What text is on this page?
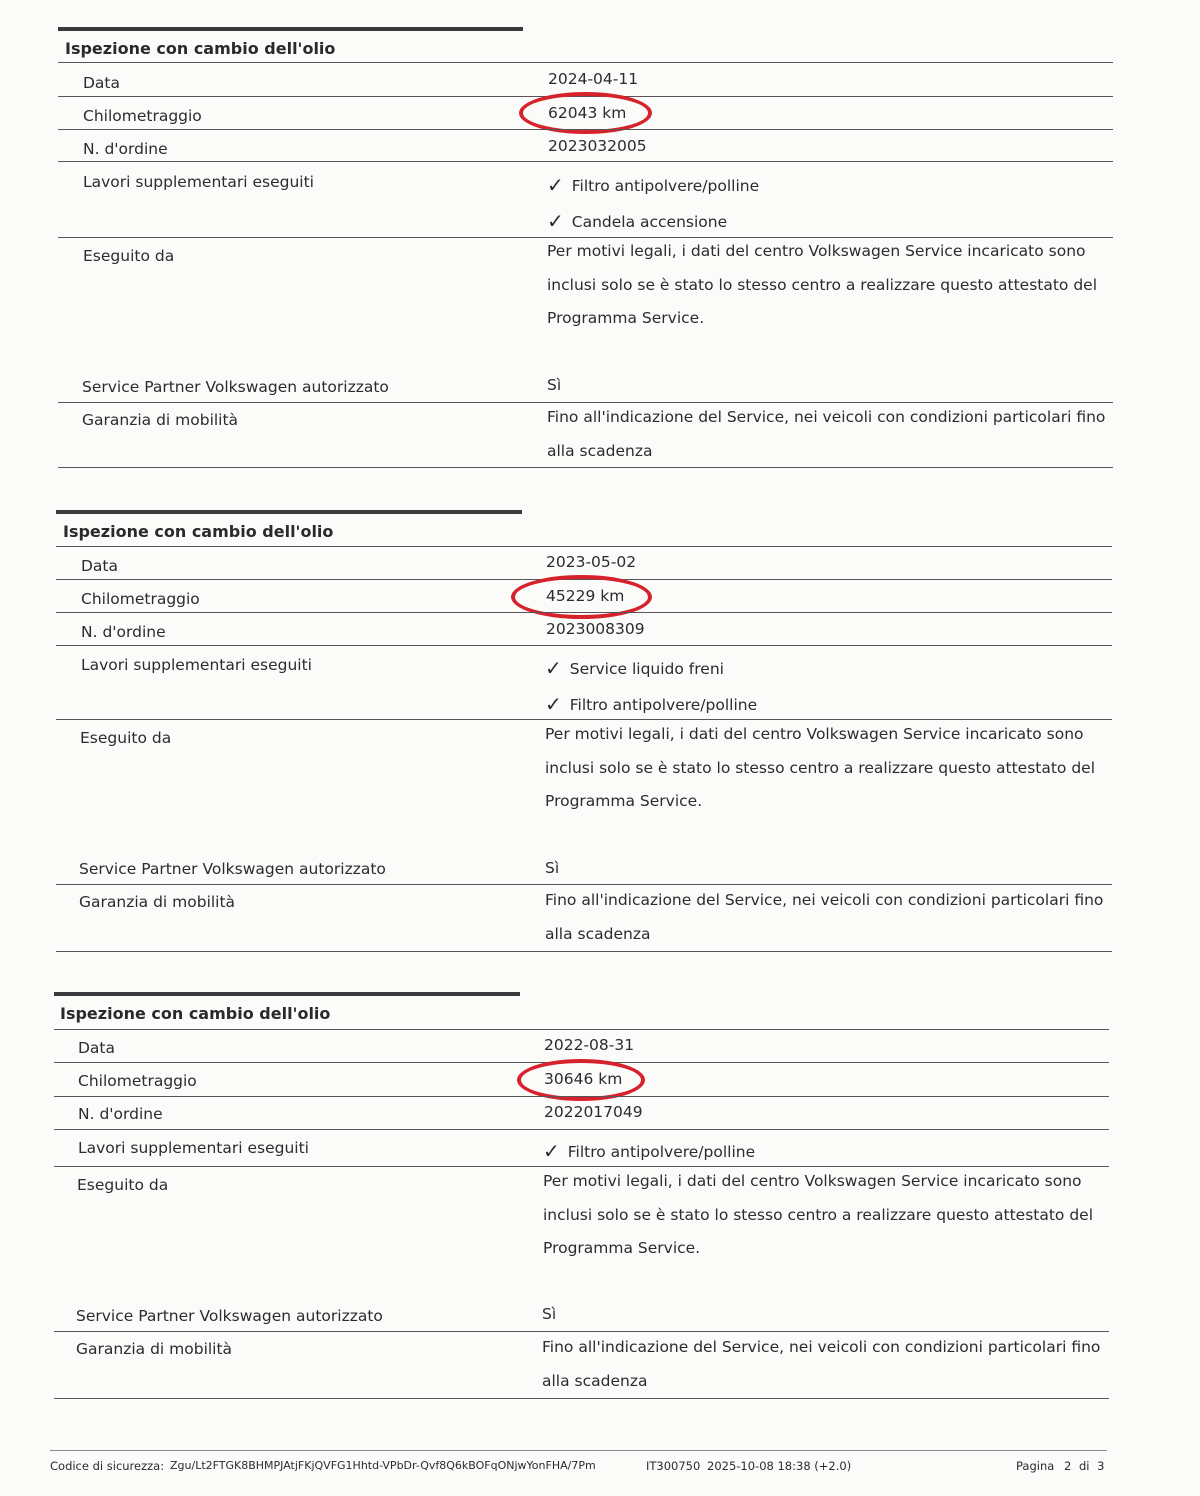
Ispezione con cambio dell'olio
Data	2024-04-11
Chilometraggio	62043 km
N. d'ordine	2023032005
Lavori supplementari eseguiti	✓ Filtro antipolvere/polline
✓ Candela accensione
Eseguito da	Per motivi legali, i dati del centro Volkswagen Service incaricato sono inclusi solo se è stato lo stesso centro a realizzare questo attestato del Programma Service.
Service Partner Volkswagen autorizzato	Sì
Garanzia di mobilità	Fino all'indicazione del Service, nei veicoli con condizioni particolari fino alla scadenza
Ispezione con cambio dell'olio
Data	2023-05-02
Chilometraggio	45229 km
N. d'ordine	2023008309
Lavori supplementari eseguiti	✓ Service liquido freni
✓ Filtro antipolvere/polline
Eseguito da	Per motivi legali, i dati del centro Volkswagen Service incaricato sono inclusi solo se è stato lo stesso centro a realizzare questo attestato del Programma Service.
Service Partner Volkswagen autorizzato	Sì
Garanzia di mobilità	Fino all'indicazione del Service, nei veicoli con condizioni particolari fino alla scadenza
Ispezione con cambio dell'olio
Data	2022-08-31
Chilometraggio	30646 km
N. d'ordine	2022017049
Lavori supplementari eseguiti	✓ Filtro antipolvere/polline
Eseguito da	Per motivi legali, i dati del centro Volkswagen Service incaricato sono inclusi solo se è stato lo stesso centro a realizzare questo attestato del Programma Service.
Service Partner Volkswagen autorizzato	Sì
Garanzia di mobilità	Fino all'indicazione del Service, nei veicoli con condizioni particolari fino alla scadenza
Codice di sicurezza: Zgu/Lt2FTGK8BHMPJAtjFKjQVFG1Hhtd-VPbDr-Qvf8Q6kBOFqONjwYonFHA/7Pm	IT300750 2025-10-08 18:38 (+2.0)	Pagina 2 di 3
